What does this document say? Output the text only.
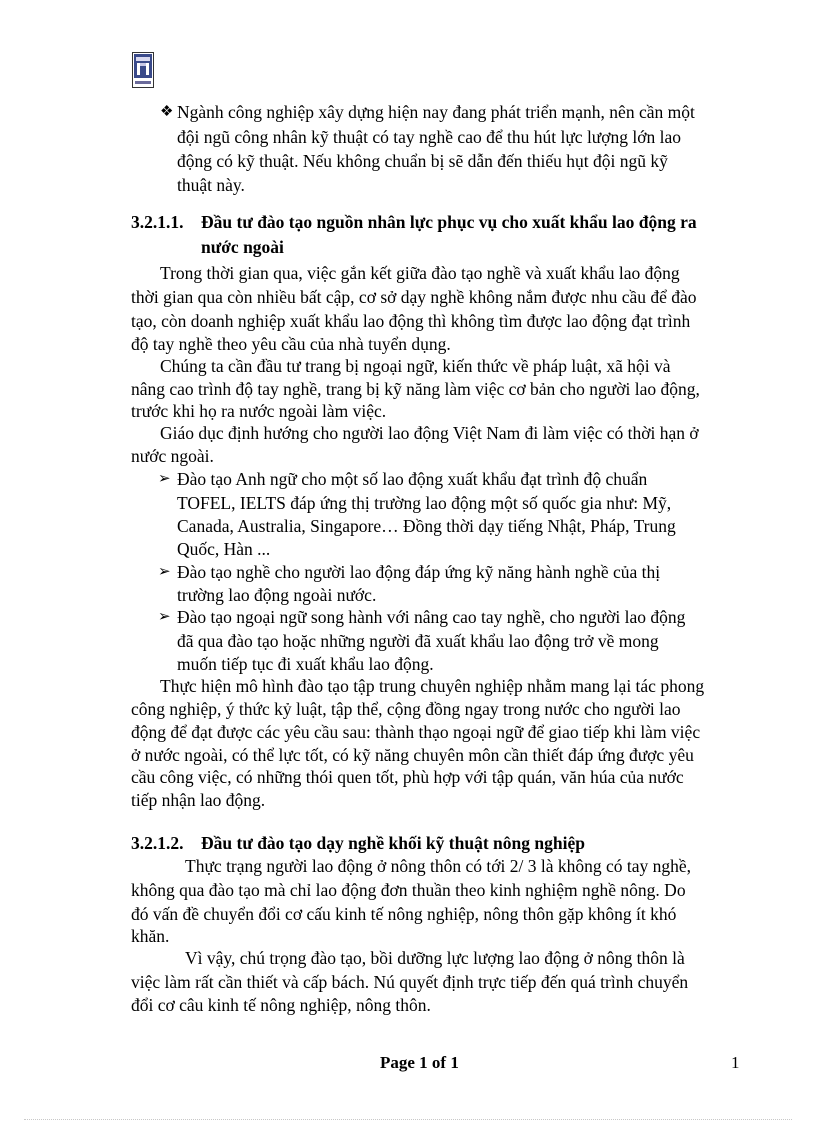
❖ Ngành công nghiệp xây dựng hiện nay đang phát triển mạnh, nên cần một
đội ngũ công nhân kỹ thuật có tay nghề cao để thu hút lực lượng lớn lao
động có kỹ thuật. Nếu không chuẩn bị sẽ dẫn đến thiếu hụt đội ngũ kỹ
thuật này.
3.2.1.1. Đầu tư đào tạo nguồn nhân lực phục vụ cho xuất khẩu lao động ra
nước ngoài
Trong thời gian qua, việc gắn kết giữa đào tạo nghề và xuất khẩu lao động
thời gian qua còn nhiều bất cập, cơ sở dạy nghề không nắm được nhu cầu để đào
tạo, còn doanh nghiệp xuất khẩu lao động thì không tìm được lao động đạt trình
độ tay nghề theo yêu cầu của nhà tuyển dụng.
Chúng ta cần đầu tư trang bị ngoại ngữ, kiến thức về pháp luật, xã hội và
nâng cao trình độ tay nghề, trang bị kỹ năng làm việc cơ bản cho người lao động,
trước khi họ ra nước ngoài làm việc.
Giáo dục định hướng cho người lao động Việt Nam đi làm việc có thời hạn ở
nước ngoài.
➢ Đào tạo Anh ngữ cho một số lao động xuất khẩu đạt trình độ chuẩn
TOFEL, IELTS đáp ứng thị trường lao động một số quốc gia như: Mỹ,
Canada, Australia, Singapore… Đồng thời dạy tiếng Nhật, Pháp, Trung
Quốc, Hàn ...
➢ Đào tạo nghề cho người lao động đáp ứng kỹ năng hành nghề của thị
trường lao động ngoài nước.
➢ Đào tạo ngoại ngữ song hành với nâng cao tay nghề, cho người lao động
đã qua đào tạo hoặc những người đã xuất khẩu lao động trở về mong
muốn tiếp tục đi xuất khẩu lao động.
Thực hiện mô hình đào tạo tập trung chuyên nghiệp nhằm mang lại tác phong
công nghiệp, ý thức kỷ luật, tập thể, cộng đồng ngay trong nước cho người lao
động để đạt được các yêu cầu sau: thành thạo ngoại ngữ để giao tiếp khi làm việc
ở nước ngoài, có thể lực tốt, có kỹ năng chuyên môn cần thiết đáp ứng được yêu
cầu công việc, có những thói quen tốt, phù hợp với tập quán, văn húa của nước
tiếp nhận lao động.
3.2.1.2. Đầu tư đào tạo dạy nghề khối kỹ thuật nông nghiệp
Thực trạng người lao động ở nông thôn có tới 2/ 3 là không có tay nghề,
không qua đào tạo mà chỉ lao động đơn thuần theo kinh nghiệm nghề nông. Do
đó vấn đề chuyển đổi cơ cấu kinh tế nông nghiệp, nông thôn gặp không ít khó
khăn.
Vì vậy, chú trọng đào tạo, bồi dưỡng lực lượng lao động ở nông thôn là
việc làm rất cần thiết và cấp bách. Nú quyết định trực tiếp đến quá trình chuyển
đổi cơ câu kinh tế nông nghiệp, nông thôn.
Page 1 of 1	1
